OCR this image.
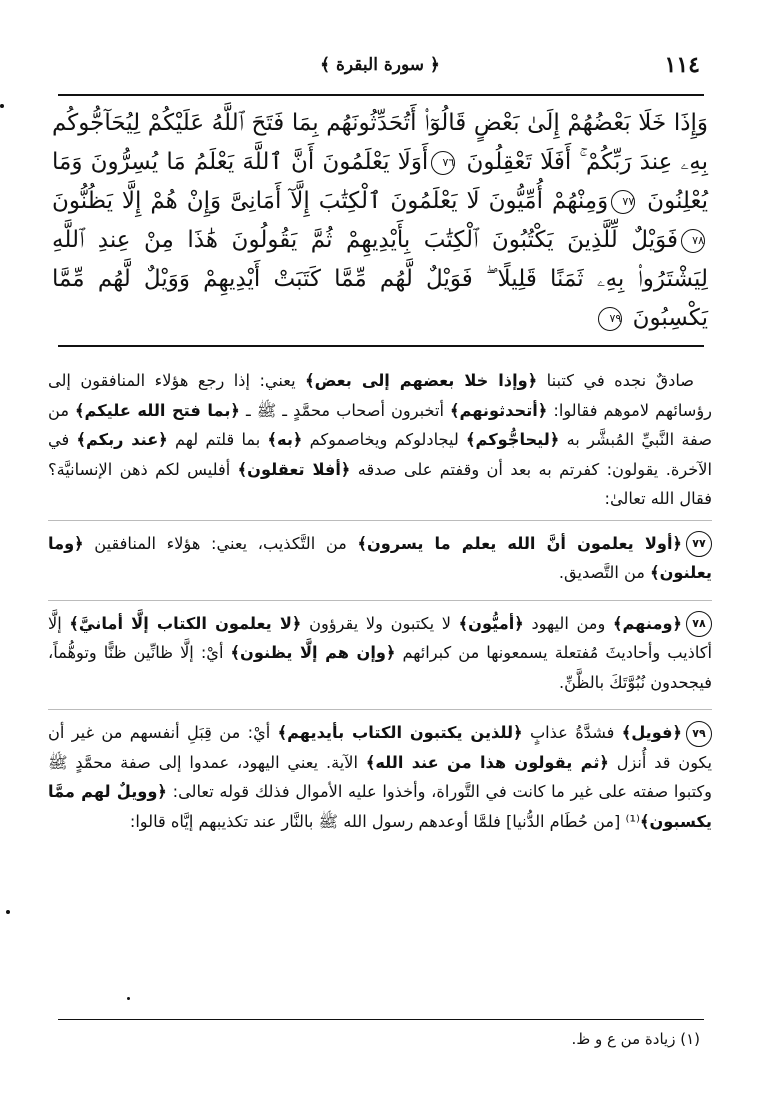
١١٤
﴿ سورة البقرة ﴾
وَإِذَا خَلَا بَعْضُهُمْ إِلَىٰ بَعْضٍ قَالُوٓا۟ أَتُحَدِّثُونَهُم بِمَا فَتَحَ ٱللَّهُ عَلَيْكُمْ لِيُحَآجُّوكُم بِهِۦ عِندَ رَبِّكُمْ ۚ أَفَلَا تَعْقِلُونَ ٧٦أَوَلَا يَعْلَمُونَ أَنَّ ٱللَّهَ يَعْلَمُ مَا يُسِرُّونَ وَمَا يُعْلِنُونَ ٧٧وَمِنْهُمْ أُمِّيُّونَ لَا يَعْلَمُونَ ٱلْكِتَٰبَ إِلَّآ أَمَانِىَّ وَإِنْ هُمْ إِلَّا يَظُنُّونَ ٧٨فَوَيْلٌ لِّلَّذِينَ يَكْتُبُونَ ٱلْكِتَٰبَ بِأَيْدِيهِمْ ثُمَّ يَقُولُونَ هَٰذَا مِنْ عِندِ ٱللَّهِ لِيَشْتَرُوا۟ بِهِۦ ثَمَنًا قَلِيلًا ۖ فَوَيْلٌ لَّهُم مِّمَّا كَتَبَتْ أَيْدِيهِمْ وَوَيْلٌ لَّهُم مِّمَّا يَكْسِبُونَ ٧٩

صادقٌ نجده في كتبنا ﴿وإذا خلا بعضهم إلى بعض﴾ يعني: إذا رجع هؤلاء المنافقون إلى رؤسائهم لاموهم فقالوا: ﴿أتحدثونهم﴾ أتخبرون أصحاب محمَّدٍ ـ ﷺ ـ ﴿بما فتح الله عليكم﴾ من صفة النَّبيِّ المُبشَّر به ﴿ليحاجُّوكم﴾ ليجادلوكم ويخاصموكم ﴿به﴾ بما قلتم لهم ﴿عند ربكم﴾ في الآخرة. يقولون: كفرتم به بعد أن وقفتم على صدقه ﴿أفلا تعقلون﴾ أفليس لكم ذهن الإنسانيَّة؟ فقال الله تعالىٰ:

٧٧﴿أولا يعلمون أنَّ الله يعلم ما يسرون﴾ من التَّكذيب، يعني: هؤلاء المنافقين ﴿وما يعلنون﴾ من التَّصديق.

٧٨﴿ومنهم﴾ ومن اليهود ﴿أميُّون﴾ لا يكتبون ولا يقرؤون ﴿لا يعلمون الكتاب إلَّا أمانيَّ﴾ إلَّا أكاذيب وأحاديثَ مُفتعلة يسمعونها من كبرائهم ﴿وإن هم إلَّا يظنون﴾ أيْ: إلَّا ظانِّين ظنًّا وتوهُّماً، فيجحدون نُبُوَّتَكَ بالظَّنِّ.

٧٩﴿فويل﴾ فشدَّةُ عذابٍ ﴿للذين يكتبون الكتاب بأيديهم﴾ أيْ: من قِبَلِ أنفسهم من غير أن يكون قد أُنزل ﴿ثم يقولون هذا من عند الله﴾ الآية. يعني اليهود، عمدوا إلى صفة محمَّدٍ ﷺ وكتبوا صفته على غير ما كانت في التَّوراة، وأخذوا عليه الأموال فذلك قوله تعالى: ﴿وويلٌ لهم ممَّا يكسبون﴾⁽¹⁾ [من حُطَام الدُّنيا] فلمَّا أوعدهم رسول الله ﷺ بالنَّار عند تكذيبهم إيَّاه قالوا:

(١) زيادة من ع و ظ.
